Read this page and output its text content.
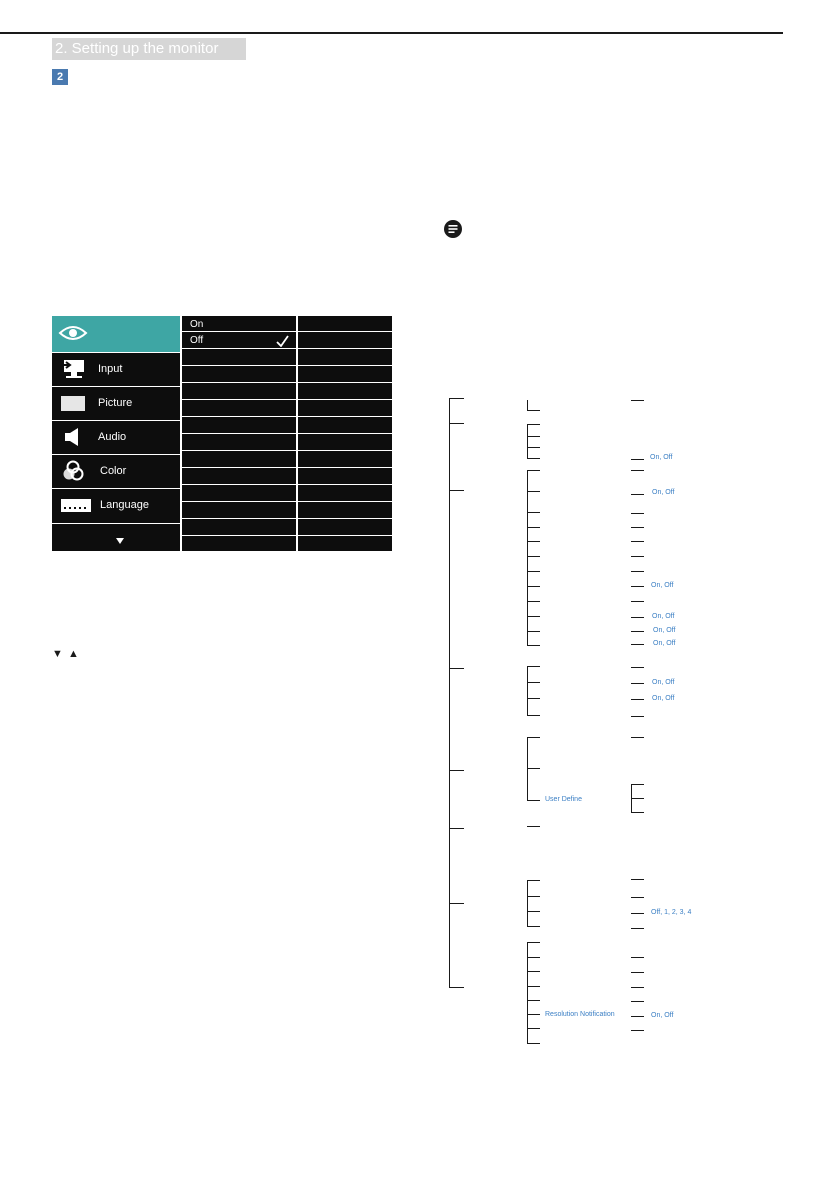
2. Setting up the monitor
2
Input
Picture
Audio
Color
Language
On
Off
▼ ▲
On, Off
On, Off
On, Off
On, Off
On, Off
On, Off
On, Off
On, Off
User Define
Off, 1, 2, 3, 4
Resolution Notification	On, Off
